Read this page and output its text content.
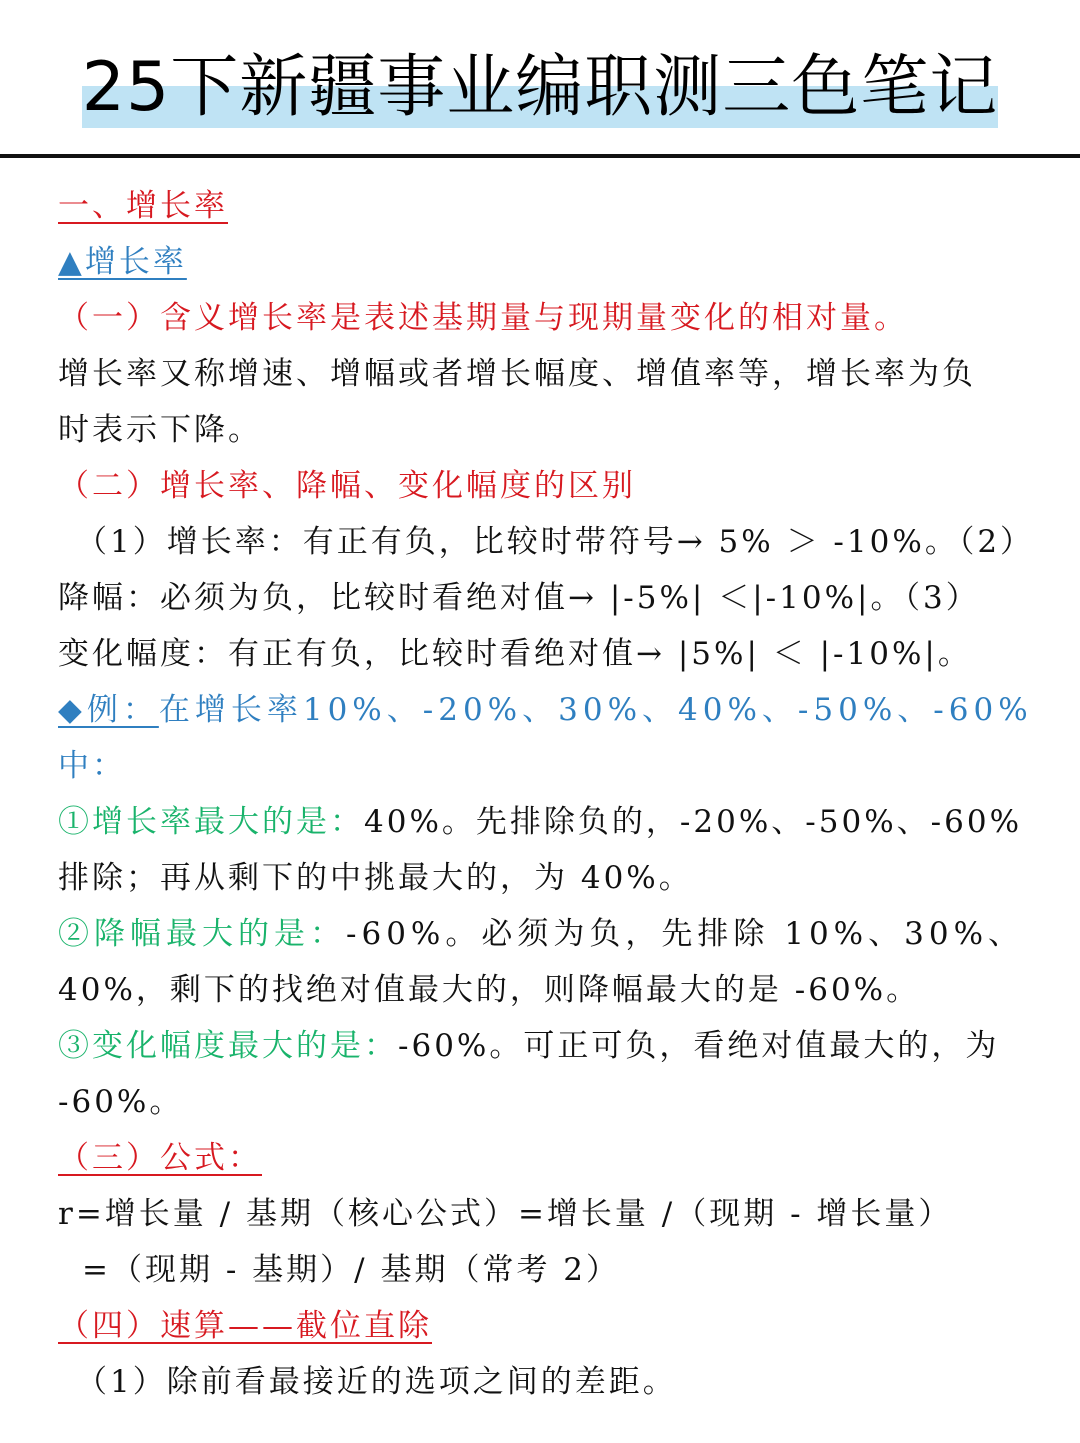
25下新疆事业编职测三色笔记
一、增长率
▲增长率
（一）含义增长率是表述基期量与现期量变化的相对量。
增长率又称增速、增幅或者增长幅度、增值率等，增长率为负
时表示下降。
（二）增长率、降幅、变化幅度的区别
（1）增长率：有正有负，比较时带符号→ 5% ＞ -10%。（2）
降幅：必须为负，比较时看绝对值→ |-5%| ＜|-10%|。（3）
变化幅度：有正有负，比较时看绝对值→ |5%| ＜ |-10%|。
◆例：在增长率10%、-20%、30%、40%、-50%、-60%
中：
①增长率最大的是：40%。先排除负的，-20%、-50%、-60%
排除；再从剩下的中挑最大的，为 40%。
②降幅最大的是：-60%。必须为负，先排除 10%、30%、
40%，剩下的找绝对值最大的，则降幅最大的是 -60%。
③变化幅度最大的是：-60%。可正可负，看绝对值最大的，为
-60%。
（三）公式：
r=增长量 / 基期（核心公式）=增长量 /（现期 - 增长量）
=（现期 - 基期）/ 基期（常考 2）
（四）速算——截位直除
（1）除前看最接近的选项之间的差距。
